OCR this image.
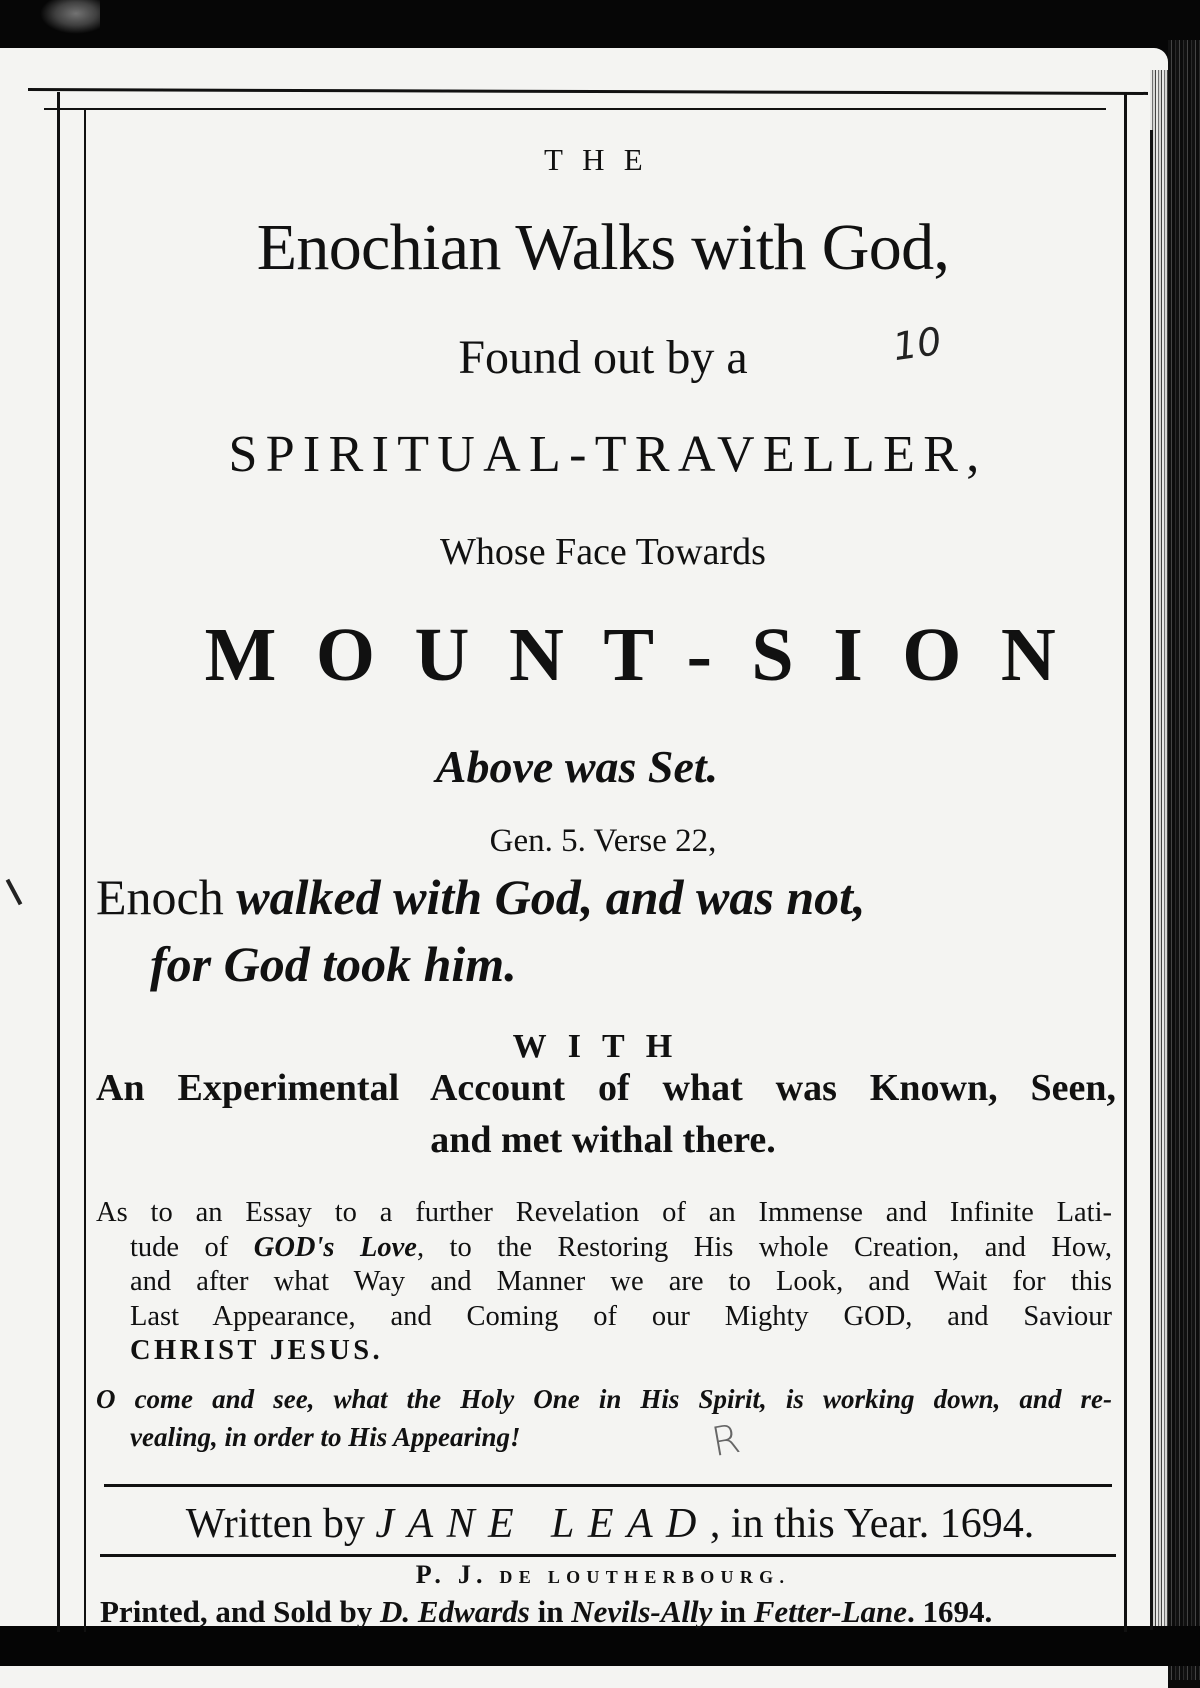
THE
Enochian Walks with God,
Found out by a	10
SPIRITUAL-TRAVELLER,
Whose Face Towards
MOUNT-SION
Above was Set.
Gen. 5. Verse 22,
Enoch walked with God, and was not,
for God took him.
WITH
An Experimental Account of what was Known, Seen,
and met withal there.
As to an Essay to a further Revelation of an Immense and Infinite Lati-
tude of GOD's Love, to the Restoring His whole Creation, and How,
and after what Way and Manner we are to Look, and Wait for this
Last Appearance, and Coming of our Mighty GOD, and Saviour
CHRIST JESUS.
O come and see, what the Holy One in His Spirit, is working down, and re-
vealing, in order to His Appearing!	R
Written by JANE LEAD, in this Year. 1694.
P. J. DE LOUTHERBOURG.
Printed, and Sold by D. Edwards in Nevils-Ally in Fetter-Lane. 1694.
